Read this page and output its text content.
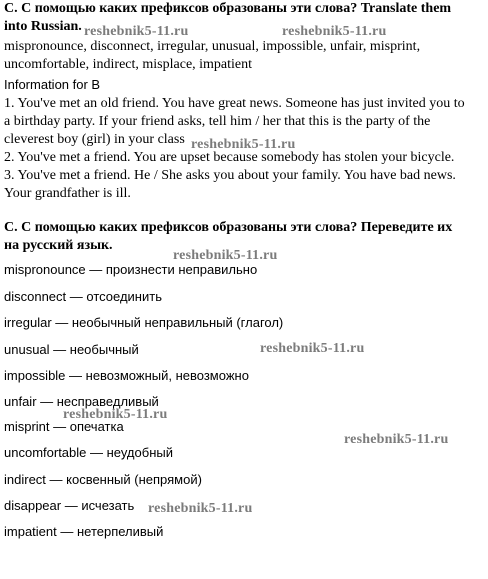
C. С помощью каких префиксов образованы эти слова? Translate them
into Russian.
mispronounce, disconnect, irregular, unusual, impossible, unfair, misprint,
uncomfortable, indirect, misplace, impatient
Information for B
1. You've met an old friend. You have great news. Someone has just invited you to
a birthday party. If your friend asks, tell him / her that this is the party of the
cleverest boy (girl) in your class
2. You've met a friend. You are upset because somebody has stolen your bicycle.
3. You've met a friend. He / She asks you about your family. You have bad news.
Your grandfather is ill.
C. С помощью каких префиксов образованы эти слова? Переведите их
на русский язык.
mispronounce — произнести неправильно
disconnect — отсоединить
irregular — необычный неправильный (глагол)
unusual — необычный
impossible — невозможный, невозможно
unfair — несправедливый
misprint — опечатка
uncomfortable — неудобный
indirect — косвенный (непрямой)
disappear — исчезать
impatient — нетерпеливый
reshebnik5-11.ru	reshebnik5-11.ru
reshebnik5-11.ru
reshebnik5-11.ru
reshebnik5-11.ru
reshebnik5-11.ru
reshebnik5-11.ru
reshebnik5-11.ru
